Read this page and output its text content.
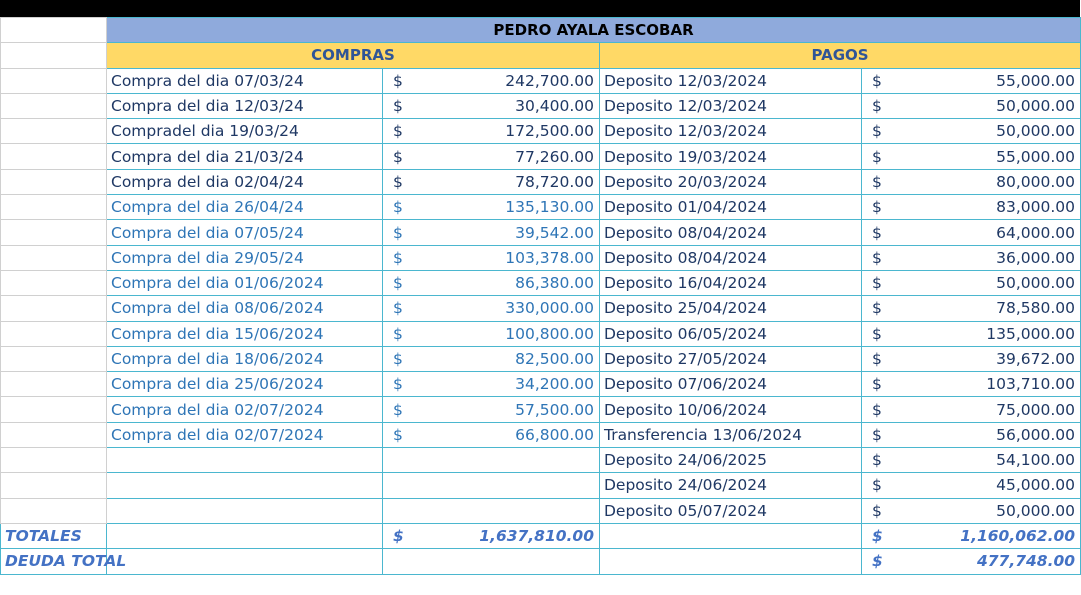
	PEDRO AYALA ESCOBAR			
	COMPRAS		PAGOS	
	Compra del dia 07/03/24	$ 242,700.00	Deposito 12/03/2024	$ 55,000.00

	Compra del dia 12/03/24	$ 30,400.00	Deposito 12/03/2024	$ 50,000.00

	Compradel dia 19/03/24	$ 172,500.00	Deposito 12/03/2024	$ 50,000.00

	Compra del dia 21/03/24	$ 77,260.00	Deposito 19/03/2024	$ 55,000.00

	Compra del dia 02/04/24	$ 78,720.00	Deposito 20/03/2024	$ 80,000.00

	Compra del dia 26/04/24	$ 135,130.00	Deposito 01/04/2024	$ 83,000.00

	Compra del dia 07/05/24	$ 39,542.00	Deposito 08/04/2024	$ 64,000.00

	Compra del dia 29/05/24	$ 103,378.00	Deposito 08/04/2024	$ 36,000.00

	Compra del dia 01/06/2024	$ 86,380.00	Deposito 16/04/2024	$ 50,000.00

	Compra del dia 08/06/2024	$ 330,000.00	Deposito 25/04/2024	$ 78,580.00

	Compra del dia 15/06/2024	$ 100,800.00	Deposito 06/05/2024	$ 135,000.00

	Compra del dia 18/06/2024	$ 82,500.00	Deposito 27/05/2024	$ 39,672.00

	Compra del dia 25/06/2024	$ 34,200.00	Deposito 07/06/2024	$ 103,710.00

	Compra del dia 02/07/2024	$ 57,500.00	Deposito 10/06/2024	$ 75,000.00

	Compra del dia 02/07/2024	$ 66,800.00	Transferencia 13/06/2024	$ 56,000.00

			Deposito 24/06/2025	$ 54,100.00

			Deposito 24/06/2024	$ 45,000.00

			Deposito 05/07/2024	$ 50,000.00

TOTALES		$ 1,637,810.00		$ 1,160,062.00

DEUDA TOTAL				$ 477,748.00
